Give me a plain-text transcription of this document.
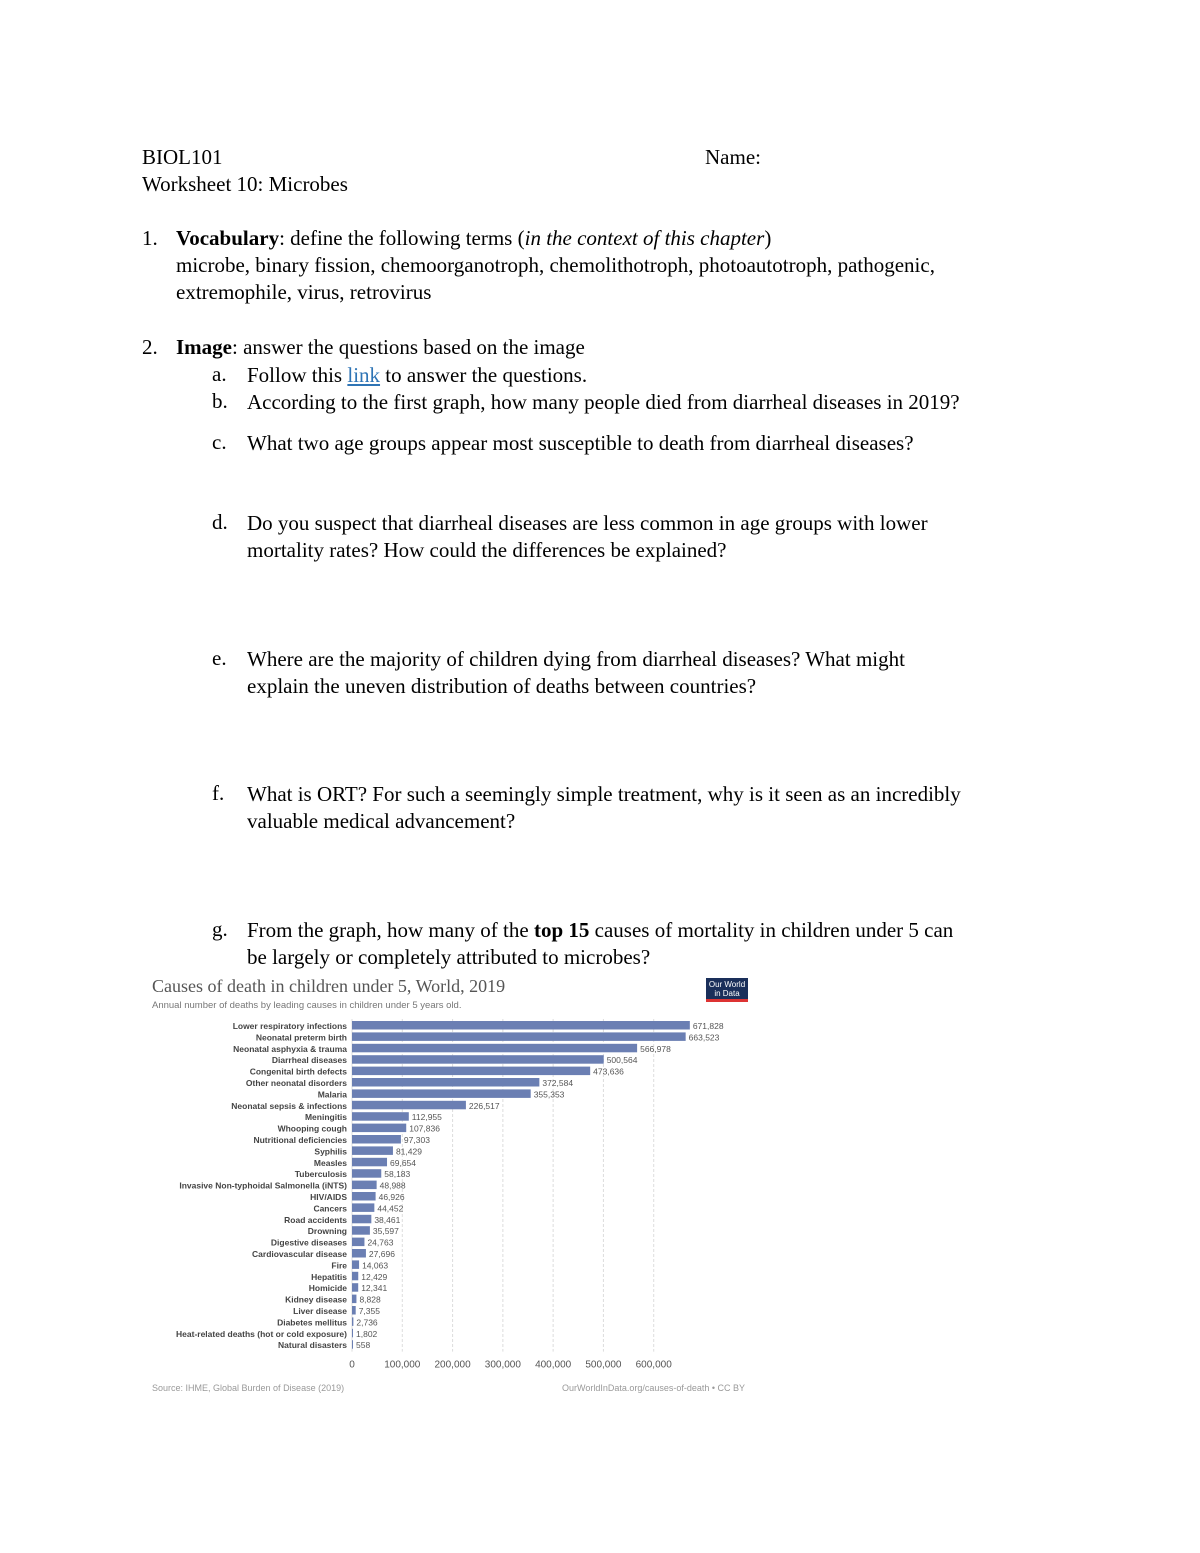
BIOL101	Name:
Worksheet 10: Microbes
1. Vocabulary: define the following terms (in the context of this chapter)
microbe, binary fission, chemoorganotroph, chemolithotroph, photoautotroph, pathogenic,
extremophile, virus, retrovirus
2. Image: answer the questions based on the image
a. Follow this link to answer the questions.
b. According to the first graph, how many people died from diarrheal diseases in 2019?
c. What two age groups appear most susceptible to death from diarrheal diseases?
d. Do you suspect that diarrheal diseases are less common in age groups with lower
mortality rates? How could the differences be explained?
e. Where are the majority of children dying from diarrheal diseases? What might
explain the uneven distribution of deaths between countries?
f. What is ORT? For such a seemingly simple treatment, why is it seen as an incredibly
valuable medical advancement?
g. From the graph, how many of the top 15 causes of mortality in children under 5 can
be largely or completely attributed to microbes?
Causes of death in children under 5, World, 2019
Annual number of deaths by leading causes in children under 5 years old.
Our World in Data
0	100,000 200,000 300,000 400,000 500,000 600,000
Lower respiratory infections	671,828
Neonatal preterm birth	663,523
Neonatal asphyxia & trauma	566,978
Diarrheal diseases	500,564
Congenital birth defects	473,636
Other neonatal disorders	372,584
Malaria	355,353
Neonatal sepsis & infections	226,517
Meningitis	112,955
Whooping cough	107,836
Nutritional deficiencies	97,303
Syphilis	81,429
Measles	69,654
Tuberculosis	58,183
Invasive Non-typhoidal Salmonella (iNTS)	48,988
HIV/AIDS	46,926
Cancers	44,452
Road accidents	38,461
Drowning	35,597
Digestive diseases 24,763
Cardiovascular disease	27,696
Fire 14,063
Hepatitis 12,429
Homicide 12,341
Kidney disease 8,828
Liver disease 7,355
Diabetes mellitus 2,736
Heat-related deaths (hot or cold exposure) 1,802
Natural disasters 558
Source: IHME, Global Burden of Disease (2019)	OurWorldInData.org/causes-of-death • CC BY
